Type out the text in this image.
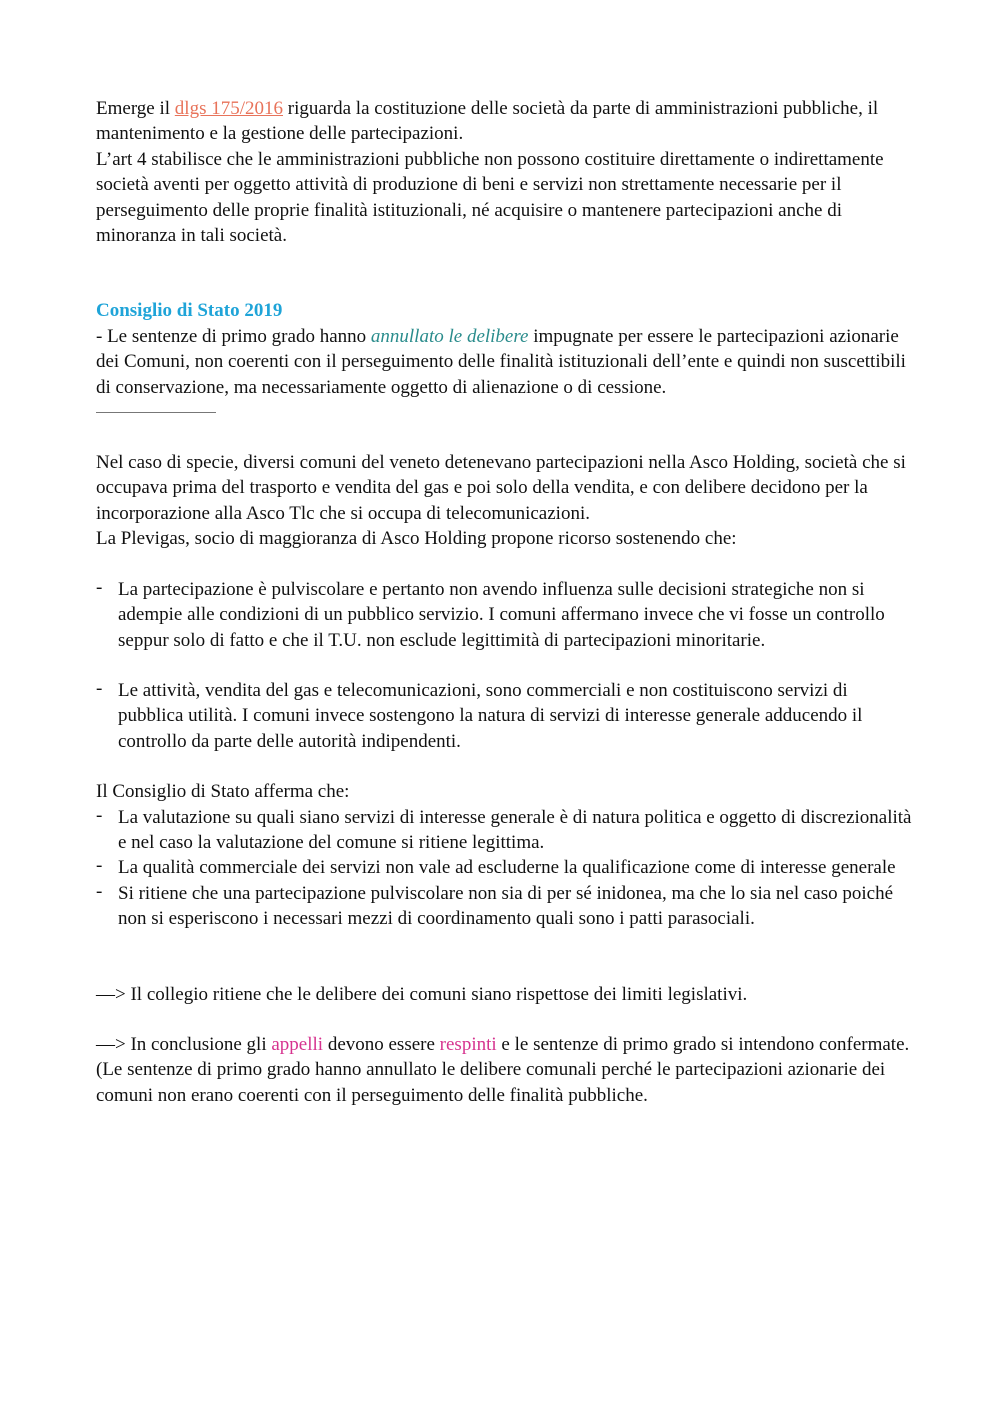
Emerge il dlgs 175/2016 riguarda la costituzione delle società da parte di amministrazioni pubbliche, il mantenimento e la gestione delle partecipazioni.

L’art 4 stabilisce che le amministrazioni pubbliche non possono costituire direttamente o indirettamente società aventi per oggetto attività di produzione di beni e servizi non strettamente necessarie per il perseguimento delle proprie finalità istituzionali, né acquisire o mantenere partecipazioni anche di minoranza in tali società.

Consiglio di Stato 2019

- Le sentenze di primo grado hanno annullato le delibere impugnate per essere le partecipazioni azionarie dei Comuni, non coerenti con il perseguimento delle finalità istituzionali dell’ente e quindi non suscettibili di conservazione, ma necessariamente oggetto di alienazione o di cessione.

Nel caso di specie, diversi comuni del veneto detenevano partecipazioni nella Asco Holding, società che si occupava prima del trasporto e vendita del gas e poi solo della vendita, e con delibere decidono per la incorporazione alla Asco Tlc che si occupa di telecomunicazioni.

La Plevigas, socio di maggioranza di Asco Holding propone ricorso sostenendo che:

- La partecipazione è pulviscolare e pertanto non avendo influenza sulle decisioni strategiche non si adempie alle condizioni di un pubblico servizio. I comuni affermano invece che vi fosse un controllo seppur solo di fatto e che il T.U. non esclude legittimità di partecipazioni minoritarie.
- Le attività, vendita del gas e telecomunicazioni, sono commerciali e non costituiscono servizi di pubblica utilità. I comuni invece sostengono la natura di servizi di interesse generale adducendo il controllo da parte delle autorità indipendenti.

Il Consiglio di Stato afferma che:

- La valutazione su quali siano servizi di interesse generale è di natura politica e oggetto di discrezionalità e nel caso la valutazione del comune si ritiene legittima.
- La qualità commerciale dei servizi non vale ad escluderne la qualificazione come di interesse generale
- Si ritiene che una partecipazione pulviscolare non sia di per sé inidonea, ma che lo sia nel caso poiché non si esperiscono i necessari mezzi di coordinamento quali sono i patti parasociali.

—> Il collegio ritiene che le delibere dei comuni siano rispettose dei limiti legislativi.

—> In conclusione gli appelli devono essere respinti e le sentenze di primo grado si intendono confermate. (Le sentenze di primo grado hanno annullato le delibere comunali perché le partecipazioni azionarie dei comuni non erano coerenti con il perseguimento delle finalità pubbliche.
